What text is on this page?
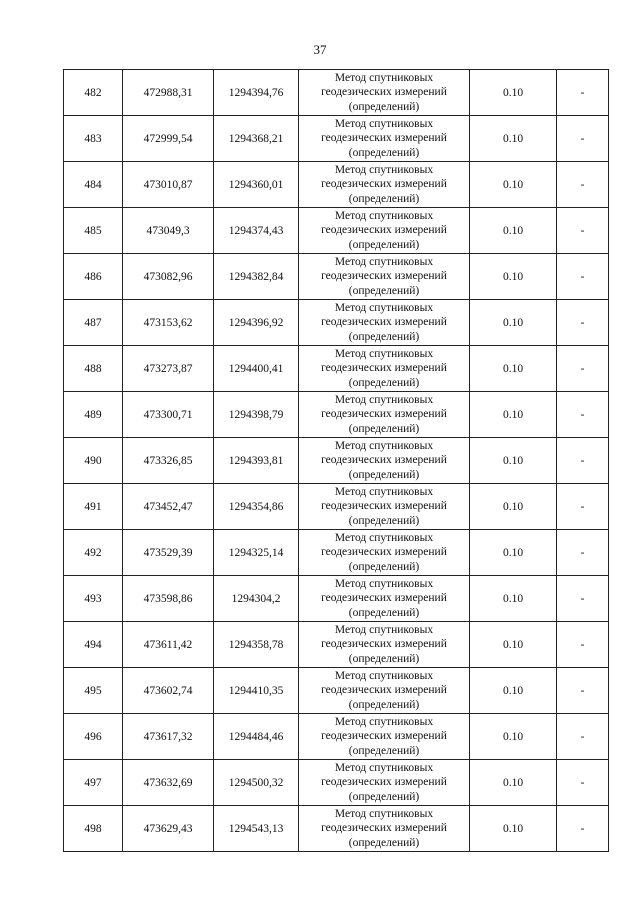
37
482	472988,31	1294394,76	Метод спутниковых
геодезических измерений
(определений)	0.10	-
483	472999,54	1294368,21	Метод спутниковых
геодезических измерений
(определений)	0.10	-
484	473010,87	1294360,01	Метод спутниковых
геодезических измерений
(определений)	0.10	-
485	473049,3	1294374,43	Метод спутниковых
геодезических измерений
(определений)	0.10	-
486	473082,96	1294382,84	Метод спутниковых
геодезических измерений
(определений)	0.10	-
487	473153,62	1294396,92	Метод спутниковых
геодезических измерений
(определений)	0.10	-
488	473273,87	1294400,41	Метод спутниковых
геодезических измерений
(определений)	0.10	-
489	473300,71	1294398,79	Метод спутниковых
геодезических измерений
(определений)	0.10	-
490	473326,85	1294393,81	Метод спутниковых
геодезических измерений
(определений)	0.10	-
491	473452,47	1294354,86	Метод спутниковых
геодезических измерений
(определений)	0.10	-
492	473529,39	1294325,14	Метод спутниковых
геодезических измерений
(определений)	0.10	-
493	473598,86	1294304,2	Метод спутниковых
геодезических измерений
(определений)	0.10	-
494	473611,42	1294358,78	Метод спутниковых
геодезических измерений
(определений)	0.10	-
495	473602,74	1294410,35	Метод спутниковых
геодезических измерений
(определений)	0.10	-
496	473617,32	1294484,46	Метод спутниковых
геодезических измерений
(определений)	0.10	-
497	473632,69	1294500,32	Метод спутниковых
геодезических измерений
(определений)	0.10	-
498	473629,43	1294543,13	Метод спутниковых
геодезических измерений
(определений)	0.10	-
